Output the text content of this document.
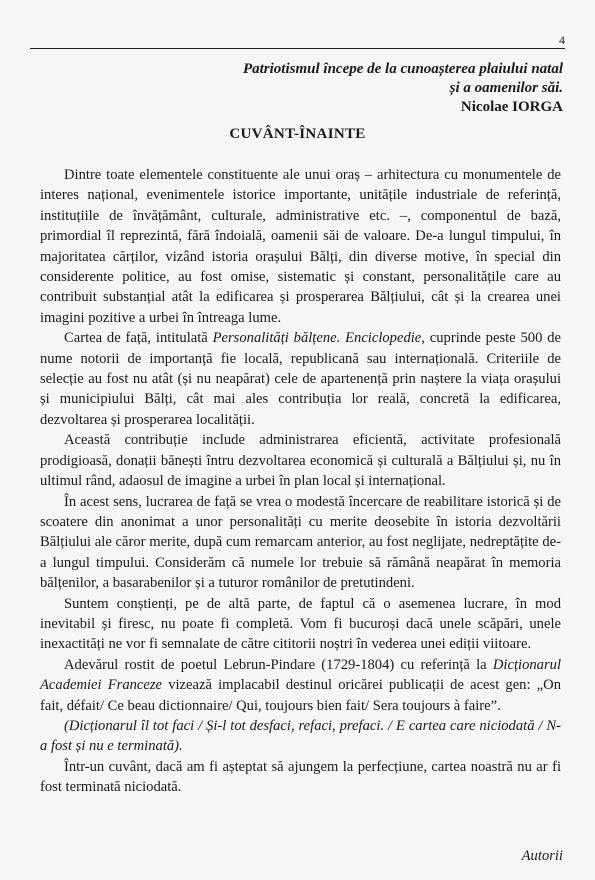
4
Patriotismul începe de la cunoașterea plaiului natal
și a oamenilor săi.
Nicolae IORGA
CUVÂNT-ÎNAINTE

Dintre toate elementele constituente ale unui oraș – arhitectura cu monumentele de interes național, evenimentele istorice importante, unitățile industriale de referință, instituțiile de învățământ, culturale, administrative etc. –, componentul de bază, primordial îl reprezintă, fără îndoială, oamenii săi de valoare. De-a lungul timpului, în majoritatea cărților, vizând istoria orașului Bălți, din diverse motive, în special din considerente politice, au fost omise, sistematic și constant, personalitățile care au contribuit substanțial atât la edificarea și prosperarea Bălțiului, cât și la crearea unei imagini pozitive a urbei în întreaga lume.

Cartea de față, intitulată Personalități bălțene. Enciclopedie, cuprinde peste 500 de nume notorii de importanță fie locală, republicană sau internațională. Criteriile de selecție au fost nu atât (și nu neapărat) cele de apartenență prin naștere la viața orașului și municipiului Bălți, cât mai ales contribuția lor reală, concretă la edificarea, dezvoltarea și prosperarea localității.

Această contribuție include administrarea eficientă, activitate profesională prodigioasă, donații bănești întru dezvoltarea economică și culturală a Bălțiului și, nu în ultimul rând, adaosul de imagine a urbei în plan local și internațional.

În acest sens, lucrarea de față se vrea o modestă încercare de reabilitare istorică și de scoatere din anonimat a unor personalități cu merite deosebite în istoria dezvoltării Bălțiului ale căror merite, după cum remarcam anterior, au fost neglijate, nedreptățite de-a lungul timpului. Considerăm că numele lor trebuie să rămână neapărat în memoria bălțenilor, a basarabenilor și a tuturor românilor de pretutindeni.

Suntem conștienți, pe de altă parte, de faptul că o asemenea lucrare, în mod inevitabil și firesc, nu poate fi completă. Vom fi bucuroși dacă unele scăpări, unele inexactități ne vor fi semnalate de către cititorii noștri în vederea unei ediții viitoare.

Adevărul rostit de poetul Lebrun-Pindare (1729-1804) cu referință la Dicționarul Academiei Franceze vizează implacabil destinul oricărei publicații de acest gen: „On fait, défait/ Ce beau dictionnaire/ Qui, toujours bien fait/ Sera toujours à faire”.

(Dicționarul îl tot faci / Și-l tot desfaci, refaci, prefaci. / E cartea care niciodată / N-a fost și nu e terminată).

Într-un cuvânt, dacă am fi așteptat să ajungem la perfecțiune, cartea noastră nu ar fi fost terminată niciodată.

Autorii
